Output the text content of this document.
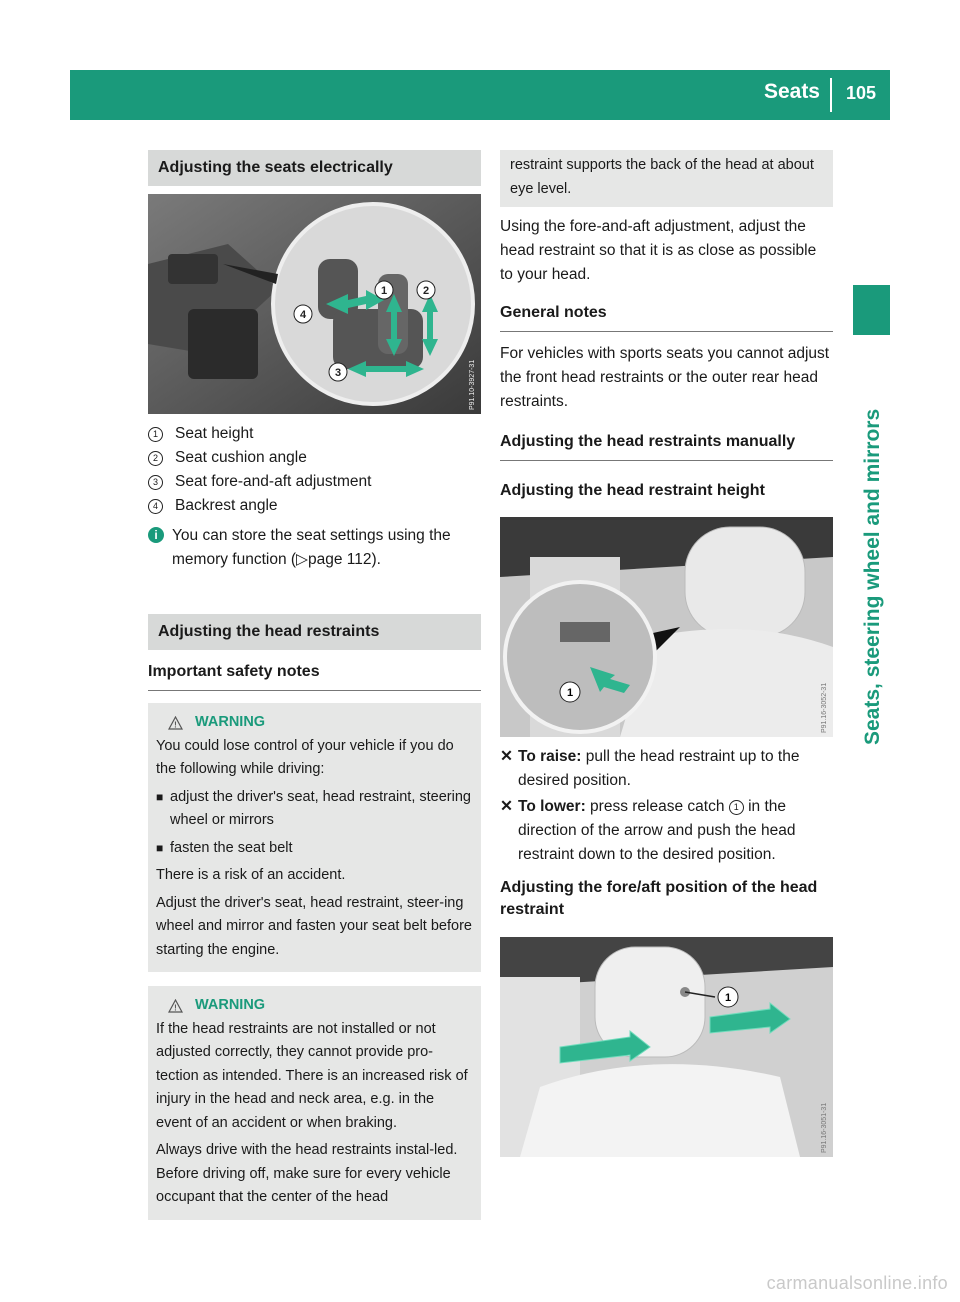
Seats 105
Seats, steering wheel and mirrors
Adjusting the seats electrically
1	2
3
4
P91.10-3927-31
1	Seat height
2	Seat cushion angle
3	Seat fore-and-aft adjustment
4	Backrest angle
i You can store the seat settings using the memory function (▷page 112).

Adjusting the head restraints
Important safety notes
! WARNING

You could lose control of your vehicle if you do the following while driving:

■ adjust the driver's seat, head restraint, steering wheel or mirrors
■ fasten the seat belt

There is a risk of an accident.

Adjust the driver's seat, head restraint, steer-ing wheel and mirror and fasten your seat belt before starting the engine.

! WARNING

If the head restraints are not installed or not adjusted correctly, they cannot provide pro-tection as intended. There is an increased risk of injury in the head and neck area, e.g. in the event of an accident or when braking.

Always drive with the head restraints instal-led. Before driving off, make sure for every vehicle occupant that the center of the head

restraint supports the back of the head at about eye level.

Using the fore-and-aft adjustment, adjust the head restraint so that it is as close as possible to your head.

General notes

For vehicles with sports seats you cannot adjust the front head restraints or the outer rear head restraints.

Adjusting the head restraints manually
Adjusting the head restraint height
1	P91.16-3052-31
✕ To raise: pull the head restraint up to the desired position.

✕ To lower: press release catch 1 in the direction of the arrow and push the head restraint down to the desired position.

Adjusting the fore/aft position of the head restraint
1
P91.16-3051-31
carmanualsonline.info
